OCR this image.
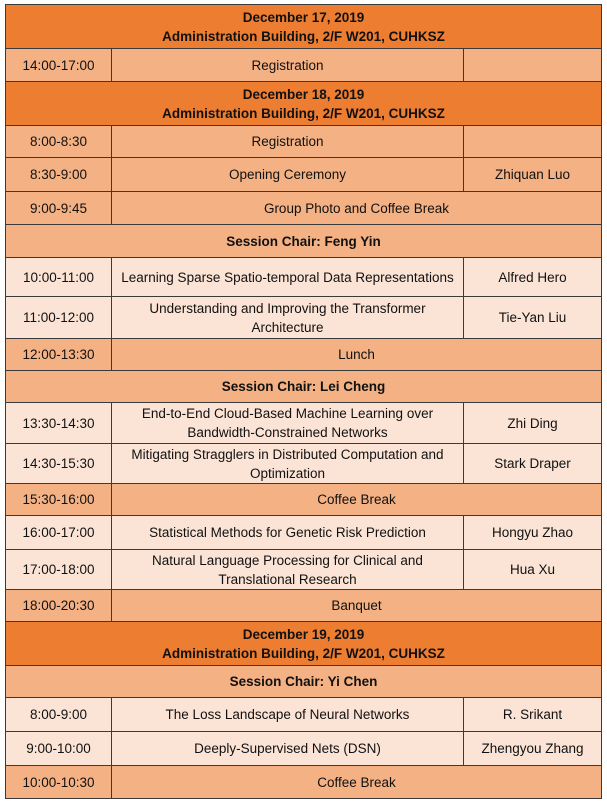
December 17, 2019
Administration Building, 2/F W201, CUHKSZ		

14:00-17:00	Registration	

December 18, 2019
Administration Building, 2/F W201, CUHKSZ		

8:00-8:30	Registration	
8:30-9:00	Opening Ceremony	Zhiquan Luo
9:00-9:45	Group Photo and Coffee Break	
Session Chair: Feng Yin		
10:00-11:00	Learning Sparse Spatio-temporal Data Representations	Alfred Hero
11:00-12:00	Understanding and Improving the Transformer Architecture	Tie-Yan Liu
12:00-13:30	Lunch	
Session Chair: Lei Cheng		
13:30-14:30	End-to-End Cloud-Based Machine Learning over Bandwidth-Constrained Networks	Zhi Ding
14:30-15:30	Mitigating Stragglers in Distributed Computation and Optimization	Stark Draper
15:30-16:00	Coffee Break	
16:00-17:00	Statistical Methods for Genetic Risk Prediction	Hongyu Zhao
17:00-18:00	Natural Language Processing for Clinical and Translational Research	Hua Xu
18:00-20:30	Banquet	

December 19, 2019
Administration Building, 2/F W201, CUHKSZ		

Session Chair: Yi Chen		
8:00-9:00	The Loss Landscape of Neural Networks	R. Srikant
9:00-10:00	Deeply-Supervised Nets (DSN)	Zhengyou Zhang
10:00-10:30	Coffee Break	
